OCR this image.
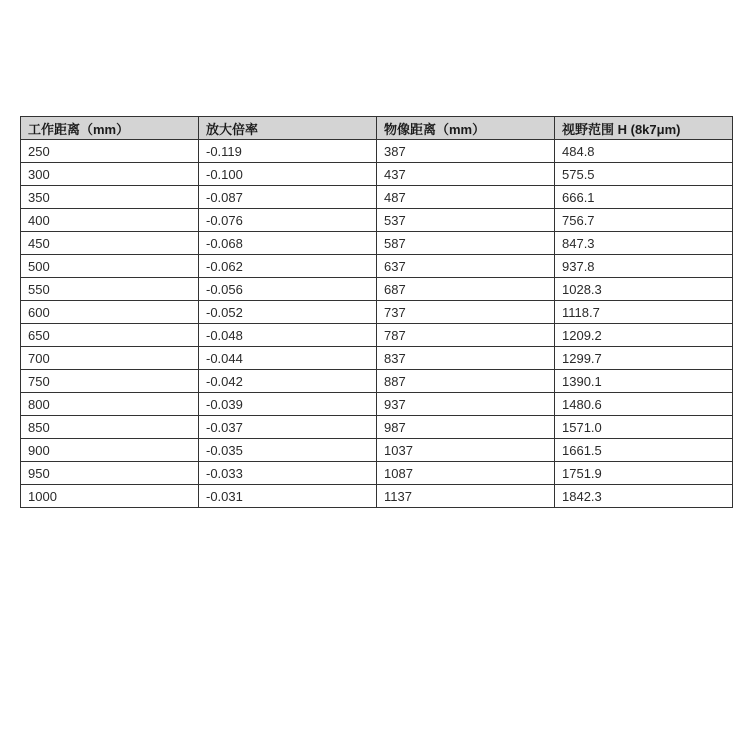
工作距离（mm）	放大倍率	物像距离（mm）	视野范围 H (8k7μm)
250	-0.119	387	484.8
300	-0.100	437	575.5
350	-0.087	487	666.1
400	-0.076	537	756.7
450	-0.068	587	847.3
500	-0.062	637	937.8
550	-0.056	687	1028.3
600	-0.052	737	1118.7
650	-0.048	787	1209.2
700	-0.044	837	1299.7
750	-0.042	887	1390.1
800	-0.039	937	1480.6
850	-0.037	987	1571.0
900	-0.035	1037	1661.5
950	-0.033	1087	1751.9
1000	-0.031	1137	1842.3
